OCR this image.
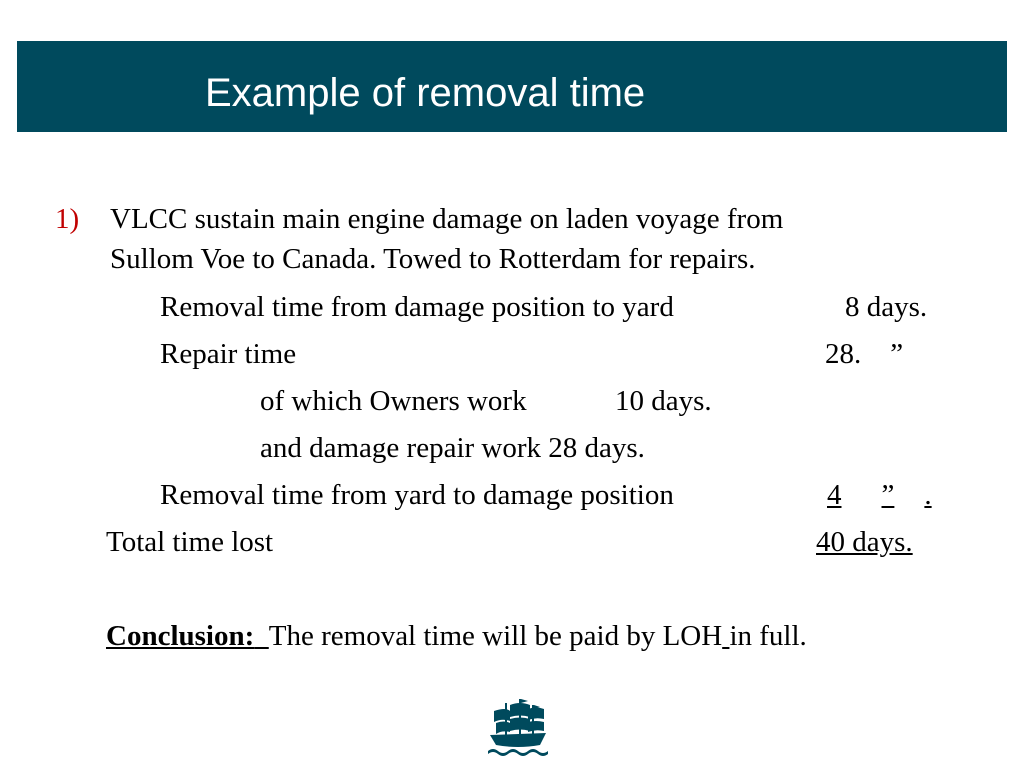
Example of removal time
1) VLCC sustain main engine damage on laden voyage from
Sullom Voe to Canada. Towed to Rotterdam for repairs.
Removal time from damage position to yard	8 days.
Repair time	28.    ”
of which Owners work	10 days.
and damage repair work 28 days.
Removal time from yard to damage position	4 ” .
Total time lost	40 days.
Conclusion: The removal time will be paid by LOH in full.
